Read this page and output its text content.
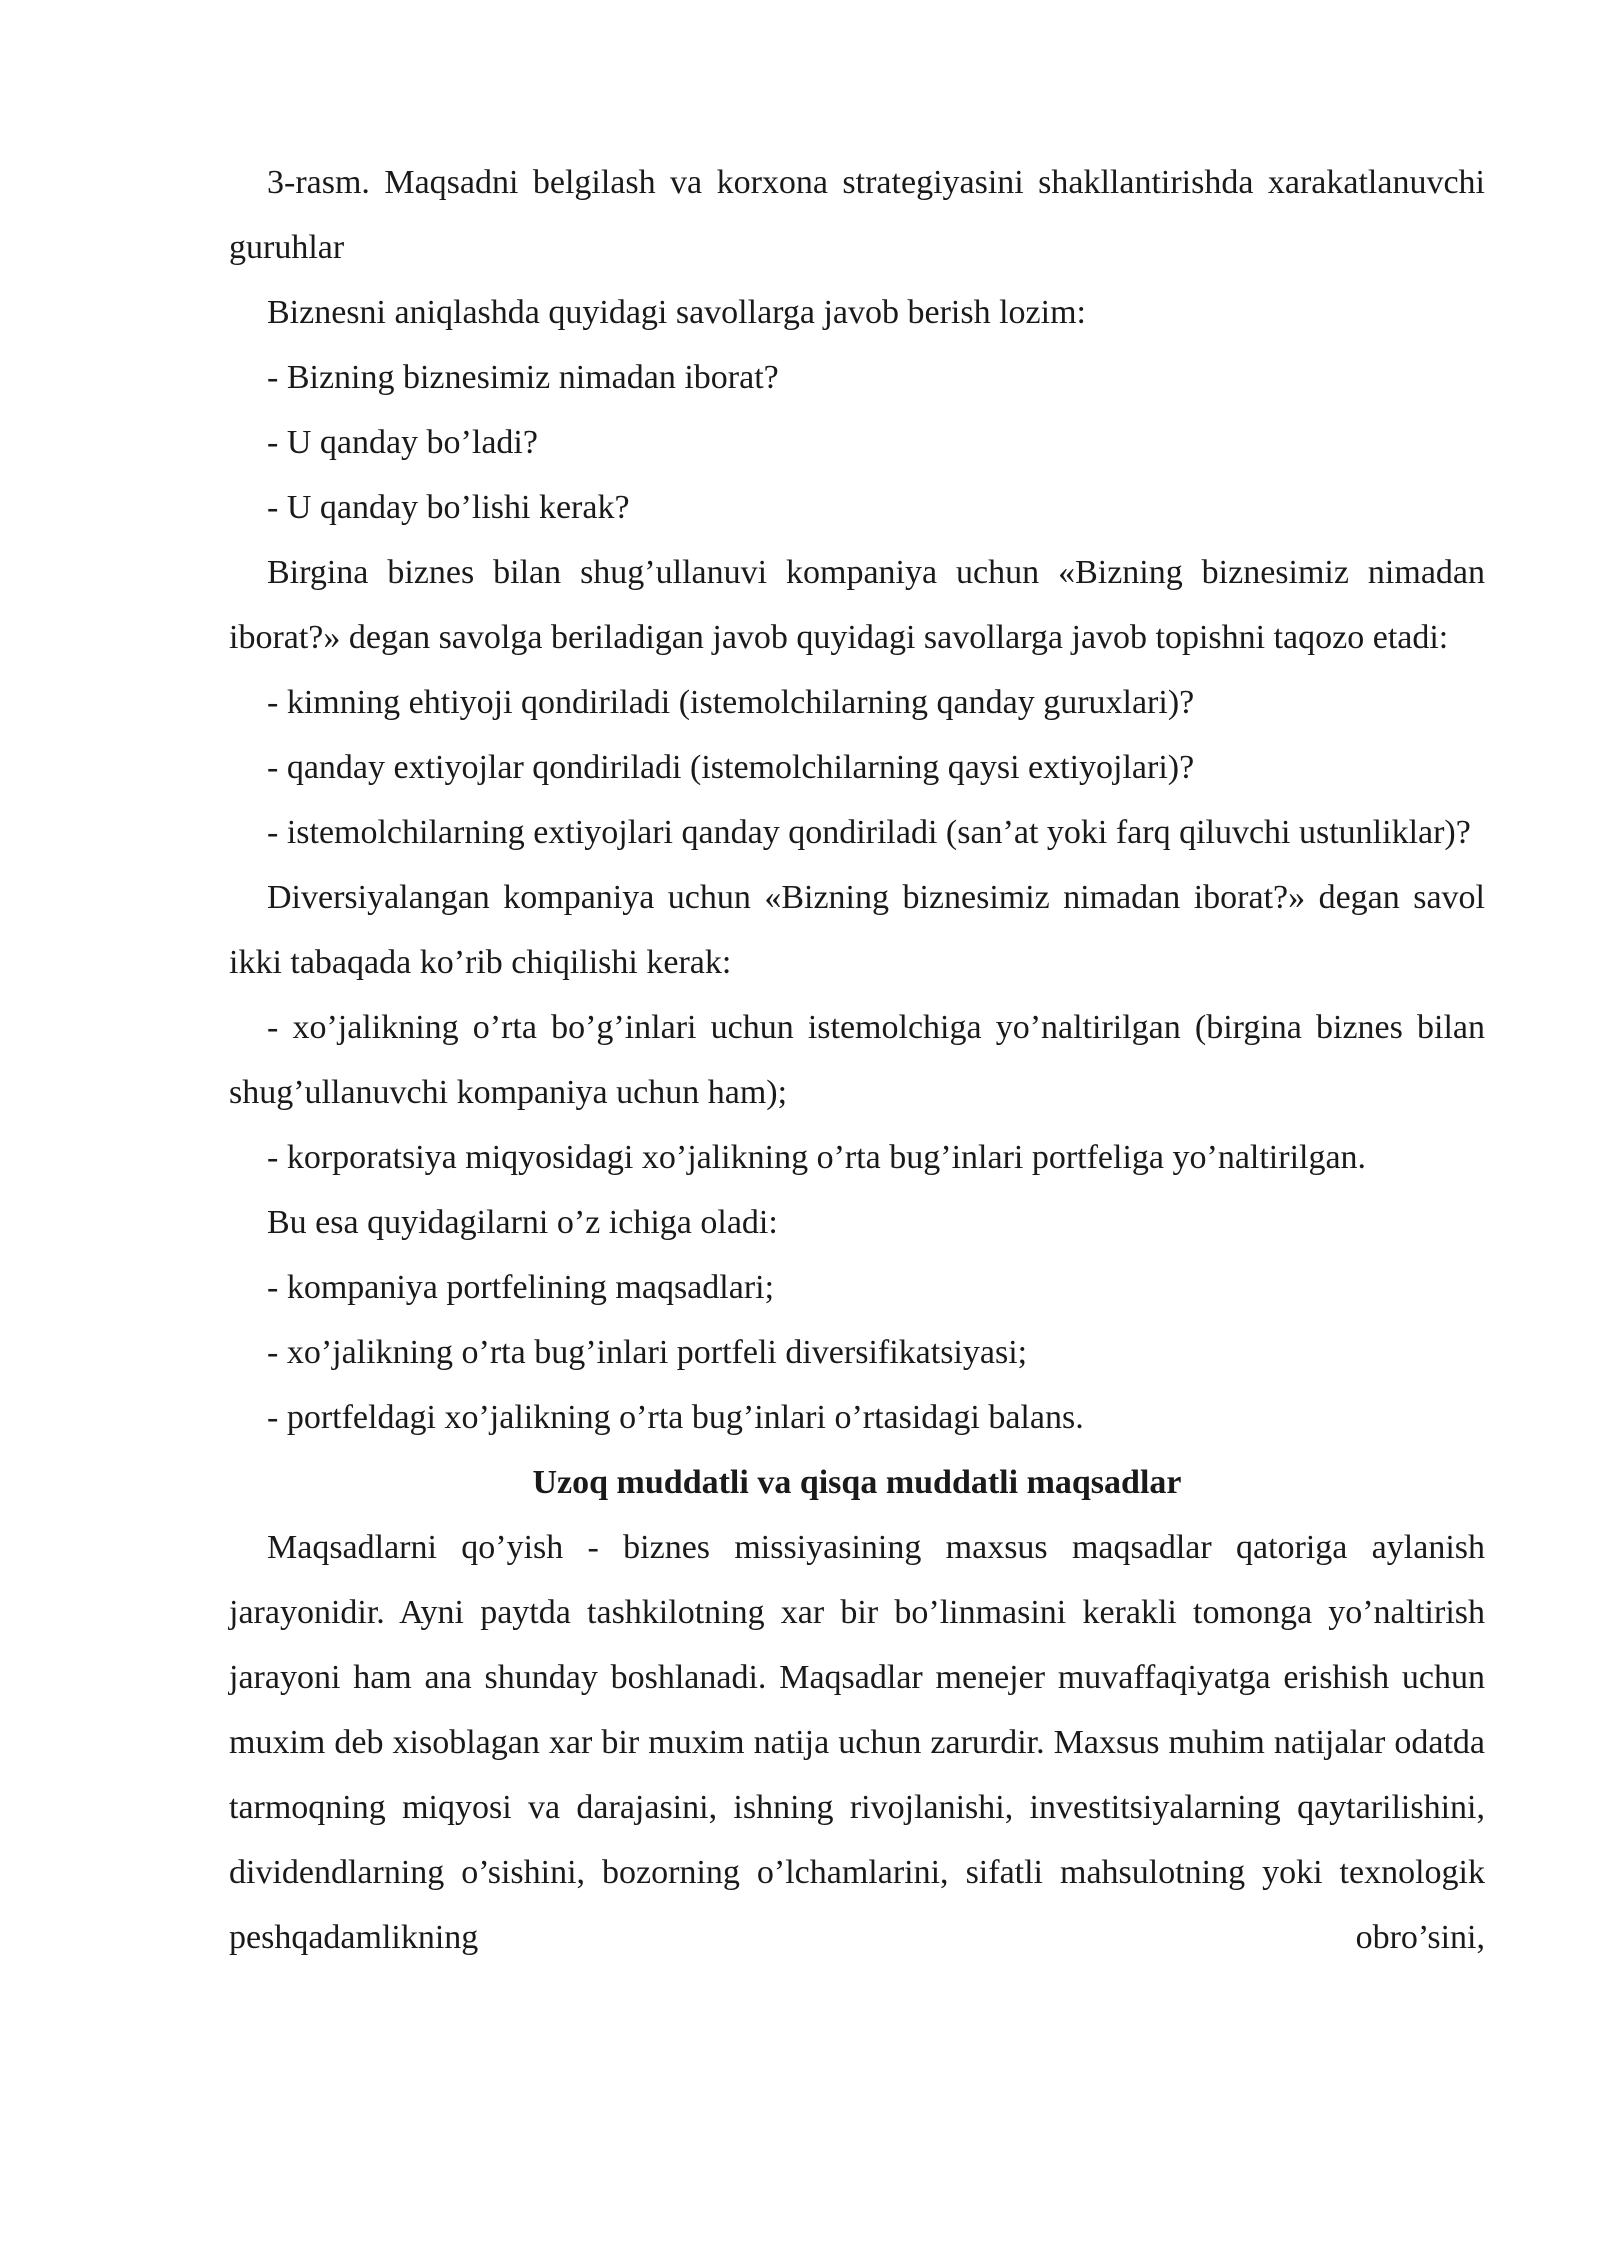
3-rasm. Maqsadni belgilash va korxona strategiyasini shakllantirishda xarakatlanuvchi guruhlar

Biznesni aniqlashda quyidagi savollarga javob berish lozim:

- Bizning biznesimiz nimadan iborat?

- U qanday bo’ladi?

- U qanday bo’lishi kerak?

Birgina biznes bilan shug’ullanuvi kompaniya uchun «Bizning biznesimiz nimadan iborat?» degan savolga beriladigan javob quyidagi savollarga javob topishni taqozo etadi:

- kimning ehtiyoji qondiriladi (istemolchilarning qanday guruxlari)?

- qanday extiyojlar qondiriladi (istemolchilarning qaysi extiyojlari)?

- istemolchilarning extiyojlari qanday qondiriladi (san’at yoki farq qiluvchi ustunliklar)?

Diversiyalangan kompaniya uchun «Bizning biznesimiz nimadan iborat?» degan savol ikki tabaqada ko’rib chiqilishi kerak:

- xo’jalikning o’rta bo’g’inlari uchun istemolchiga yo’naltirilgan (birgina biznes bilan shug’ullanuvchi kompaniya uchun ham);

- korporatsiya miqyosidagi xo’jalikning o’rta bug’inlari portfeliga yo’naltirilgan.

Bu esa quyidagilarni o’z ichiga oladi:

- kompaniya portfelining maqsadlari;

- xo’jalikning o’rta bug’inlari portfeli diversifikatsiyasi;

- portfeldagi xo’jalikning o’rta bug’inlari o’rtasidagi balans.

Uzoq muddatli va qisqa muddatli maqsadlar

Maqsadlarni qo’yish - biznes missiyasining maxsus maqsadlar qatoriga aylanish jarayonidir. Ayni paytda tashkilotning xar bir bo’linmasini kerakli tomonga yo’naltirish jarayoni ham ana shunday boshlanadi. Maqsadlar menejer muvaffaqiyatga erishish uchun muxim deb xisoblagan xar bir muxim natija uchun zarurdir. Maxsus muhim natijalar odatda tarmoqning miqyosi va darajasini, ishning rivojlanishi, investitsiyalarning qaytarilishini, dividendlarning o’sishini, bozorning o’lchamlarini, sifatli mahsulotning yoki texnologik peshqadamlikning obro’sini,
